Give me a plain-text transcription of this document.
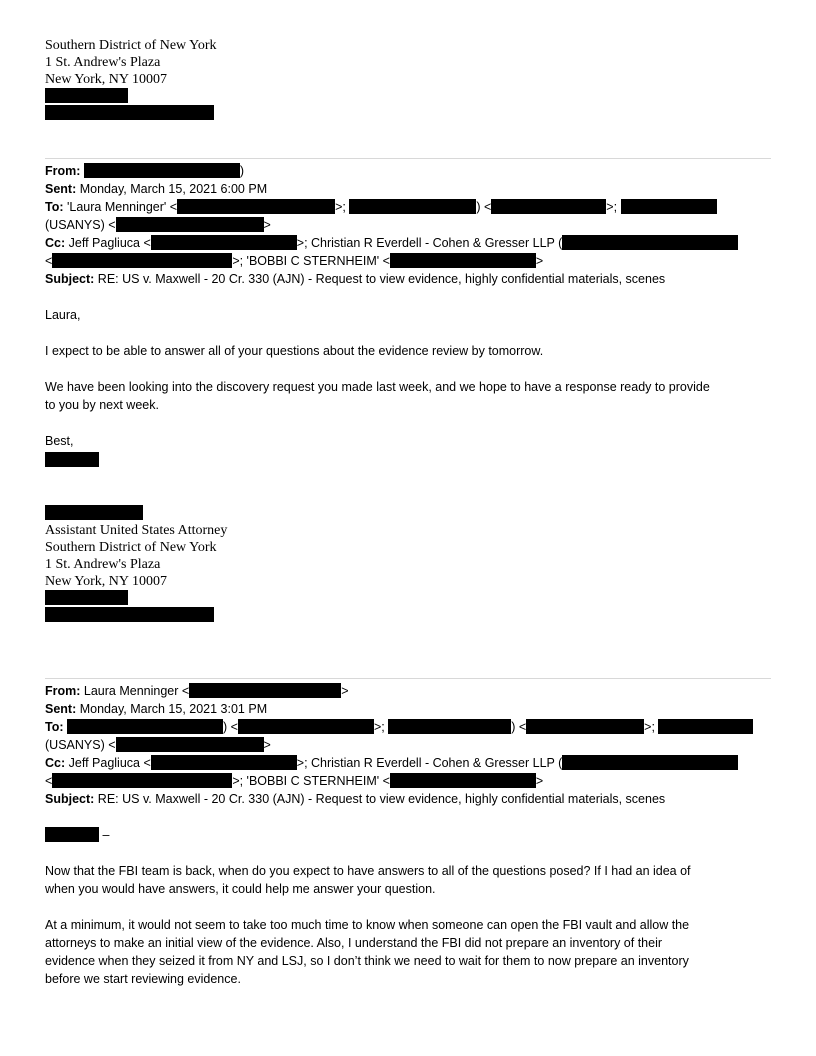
Southern District of New York
1 St. Andrew's Plaza
New York, NY 10007
From:	)
Sent: Monday, March 15, 2021 6:00 PM
To: 'Laura Menninger' <	>;	) <	>;
(USANYS) <	>
Cc: Jeff Pagliuca <	>; Christian R Everdell - Cohen & Gresser LLP (
<	>; 'BOBBI C STERNHEIM' <	>
Subject: RE: US v. Maxwell - 20 Cr. 330 (AJN) - Request to view evidence, highly confidential materials, scenes
Laura,
I expect to be able to answer all of your questions about the evidence review by tomorrow.
We have been looking into the discovery request you made last week, and we hope to have a response ready to provide
to you by next week.
Best,
Assistant United States Attorney
Southern District of New York
1 St. Andrew's Plaza
New York, NY 10007
From: Laura Menninger <	>
Sent: Monday, March 15, 2021 3:01 PM
To:	) <	>;	) <	>;
(USANYS) <	>
Cc: Jeff Pagliuca <	>; Christian R Everdell - Cohen & Gresser LLP (
<	>; 'BOBBI C STERNHEIM' <	>
Subject: RE: US v. Maxwell - 20 Cr. 330 (AJN) - Request to view evidence, highly confidential materials, scenes
–
Now that the FBI team is back, when do you expect to have answers to all of the questions posed? If I had an idea of
when you would have answers, it could help me answer your question.
At a minimum, it would not seem to take too much time to know when someone can open the FBI vault and allow the
attorneys to make an initial view of the evidence. Also, I understand the FBI did not prepare an inventory of their
evidence when they seized it from NY and LSJ, so I don’t think we need to wait for them to now prepare an inventory
before we start reviewing evidence.
